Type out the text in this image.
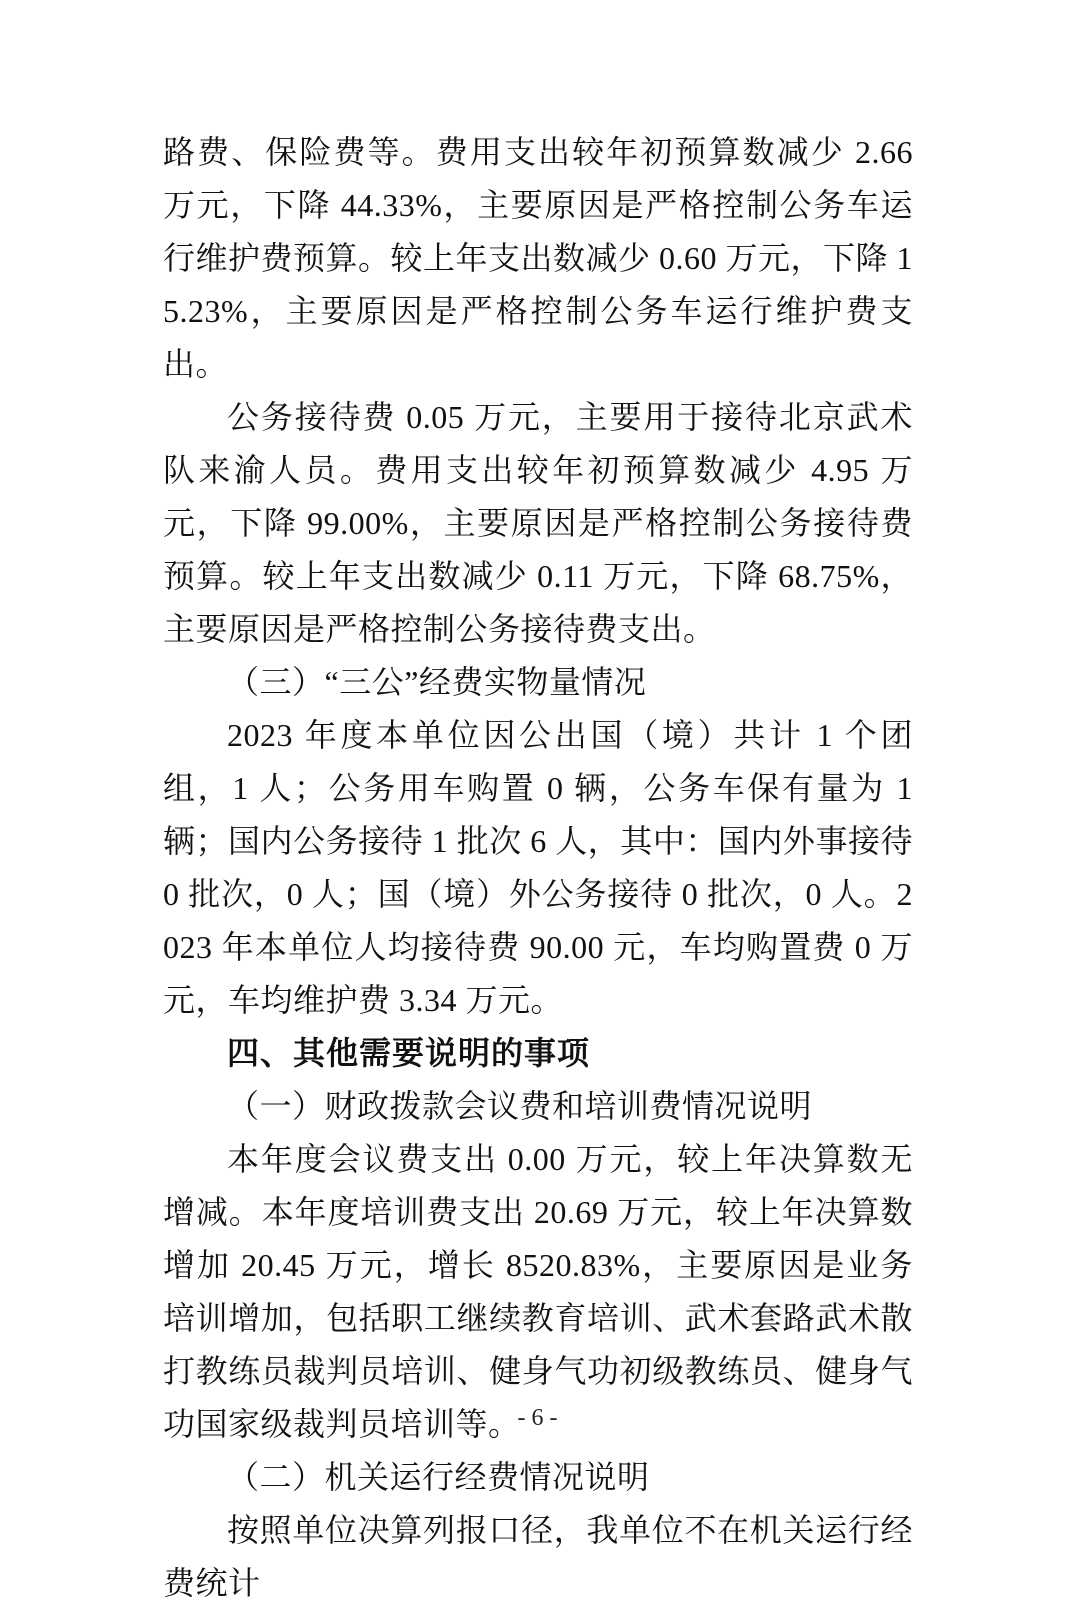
路费、保险费等。费用支出较年初预算数减少 2.66 万元，下降 44.33%，主要原因是严格控制公务车运行维护费预算。较上年支出数减少 0.60 万元，下降 15.23%，主要原因是严格控制公务车运行维护费支出。

公务接待费 0.05 万元，主要用于接待北京武术队来渝人员。费用支出较年初预算数减少 4.95 万元，下降 99.00%，主要原因是严格控制公务接待费预算。较上年支出数减少 0.11 万元，下降 68.75%，主要原因是严格控制公务接待费支出。

（三）“三公”经费实物量情况

2023 年度本单位因公出国（境）共计 1 个团组，1 人；公务用车购置 0 辆，公务车保有量为 1 辆；国内公务接待 1 批次 6 人，其中：国内外事接待 0 批次，0 人；国（境）外公务接待 0 批次，0 人。2023 年本单位人均接待费 90.00 元，车均购置费 0 万元，车均维护费 3.34 万元。

四、其他需要说明的事项

（一）财政拨款会议费和培训费情况说明

本年度会议费支出 0.00 万元，较上年决算数无增减。本年度培训费支出 20.69 万元，较上年决算数增加 20.45 万元，增长 8520.83%，主要原因是业务培训增加，包括职工继续教育培训、武术套路武术散打教练员裁判员培训、健身气功初级教练员、健身气功国家级裁判员培训等。

（二）机关运行经费情况说明

按照单位决算列报口径，我单位不在机关运行经费统计

- 6 -
